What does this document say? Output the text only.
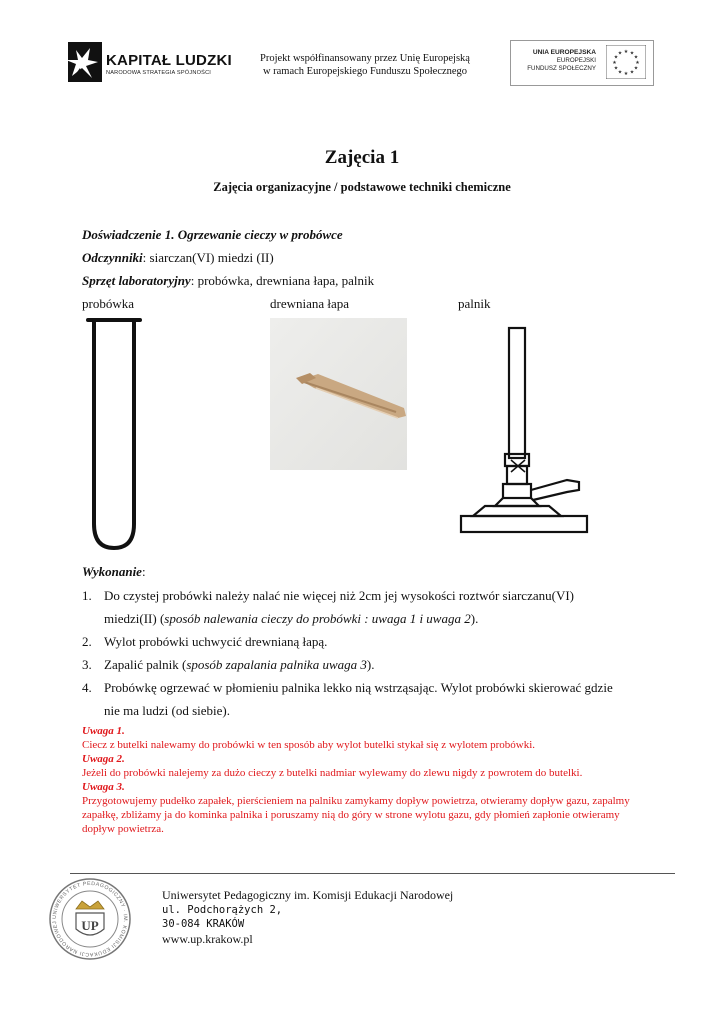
KAPITAŁ LUDZKI
NARODOWA STRATEGIA SPÓJNOŚCI
Projekt współfinansowany przez Unię Europejską
w ramach Europejskiego Funduszu Społecznego
UNIA EUROPEJSKA
EUROPEJSKI
FUNDUSZ SPOŁECZNY
★ ★
★
★
★
★
★
★
★
★
★
★
Zajęcia 1
Zajęcia organizacyjne / podstawowe techniki chemiczne
Doświadczenie 1. Ogrzewanie cieczy w probówce
Odczynniki: siarczan(VI) miedzi (II)
Sprzęt laboratoryjny: probówka, drewniana łapa, palnik
probówka	drewniana łapa	palnik
Wykonanie:
1. Do czystej probówki należy nalać nie więcej niż 2cm jej wysokości roztwór siarczanu(VI)
miedzi(II) (sposób nalewania cieczy do probówki : uwaga 1 i uwaga 2).
2. Wylot probówki uchwycić drewnianą łapą.
3. Zapalić palnik (sposób zapalania palnika uwaga 3).
4. Probówkę ogrzewać w płomieniu palnika lekko nią wstrząsając. Wylot probówki skierować gdzie
nie ma ludzi (od siebie).
Uwaga 1.
Ciecz z butelki nalewamy do probówki w ten sposób aby wylot butelki stykał się z wylotem probówki.
Uwaga 2.
Jeżeli do probówki nalejemy za dużo cieczy z butelki nadmiar wylewamy do zlewu nigdy z powrotem do butelki.
Uwaga 3.
Przygotowujemy pudełko zapałek, pierścieniem na palniku zamykamy dopływ powietrza, otwieramy dopływ gazu, zapalmy zapałkę, zbliżamy ja do kominka palnika i poruszamy nią do góry w strone wylotu gazu, gdy płomień zapłonie otwieramy dopływ powietrza.
UP
UNIWERSYTET PEDAGOGICZNY · IM. KOMISJI EDUKACJI NARODOWEJ
Uniwersytet Pedagogiczny im. Komisji Edukacji Narodowej
ul. Podchorążych 2,
30-084 KRAKÓW
www.up.krakow.pl
